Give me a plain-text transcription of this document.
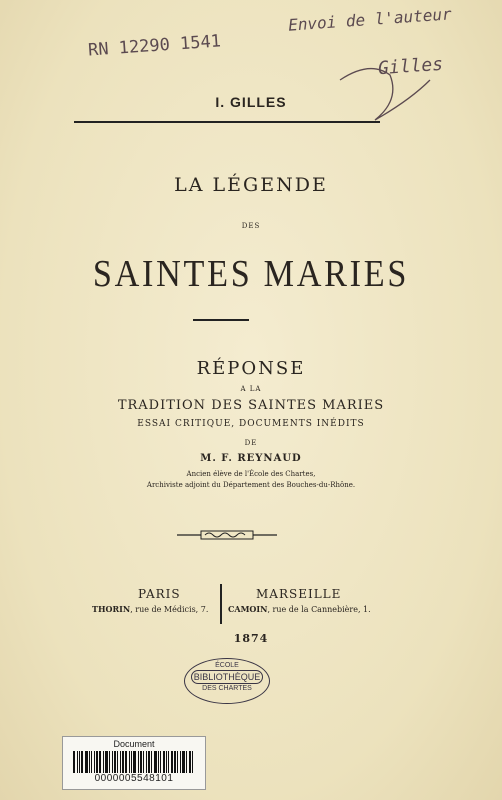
RN 12290 1541
Envoi de l'auteur
Gilles
I. GILLES
LA LÉGENDE
DES
SAINTES MARIES
RÉPONSE
A LA
TRADITION DES SAINTES MARIES
ESSAI CRITIQUE, DOCUMENTS INÉDITS
DE
M. F. REYNAUD
Ancien élève de l'École des Chartes,
Archiviste adjoint du Département des Bouches-du-Rhône.
PARIS
THORIN, rue de Médicis, 7.
MARSEILLE
CAMOIN, rue de la Cannebière, 1.
1874
ÉCOLE
BIBLIOTHÈQUE
DES CHARTES
Document
0000005548101
